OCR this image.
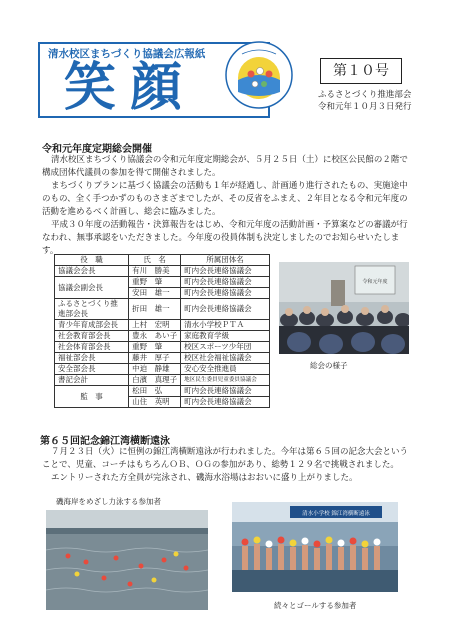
清水校区まちづくり協議会広報紙
笑顔	第１０号
ふるさとづくり推進部会
令和元年１０月３日発行
令和元年度定期総会開催

清水校区まちづくり協議会の令和元年度定期総会が、５月２５日（土）に校区公民館の２階で構成団体代議員の参加を得て開催されました。

まちづくりプランに基づく協議会の活動も１年が経過し、計画通り進行されたもの、実施途中のもの、全く手つかずのものさまざまでしたが、その反省をふまえ、２年目となる令和元年度の活動を進めるべく計画し、総会に臨みました。

平成３０年度の活動報告・決算報告をはじめ、令和元年度の活動計画・予算案などの審議が行なわれ、無事承認をいただきました。今年度の役員体制も決定しましたのでお知らせいたします。

役　職	氏　名	所属団体名
協議会会長	有川　勝美	町内会長連絡協議会
協議会副会長	重野　肇	町内会長連絡協議会
	安田　雄一	町内会長連絡協議会
ふるさとづくり推進部会長	折田　雄一	町内会長連絡協議会
青少年育成部会長	上村　宏明	清水小学校ＰＴＡ
社会教育部会長	豊永　あい子	家庭教育学級
社会体育部会長	重野　肇	校区スポーツ少年団
福祉部会長	藤井　厚子	校区社会福祉協議会
安全部会長	中迫　静雄	安心安全推進員
書記会計	白濱　真理子	地区民生委員児童委員協議会
監　事	松田　弘	町内会長連絡協議会
	山住　英明	町内会長連絡協議会
令和元年度
総会の様子
第６５回記念錦江湾横断遠泳

７月２３日（火）に恒例の錦江湾横断遠泳が行われました。今年は第６５回の記念大会ということで、児童、コーチはもちろんＯＢ、ＯＧの参加があり、総勢１２９名で挑戦されました。

エントリーされた方全員が完泳され、磯海水浴場はおおいに盛り上がりました。

磯海岸をめざし力泳する参加者
清水小学校 錦江湾横断遠泳
続々とゴールする参加者
